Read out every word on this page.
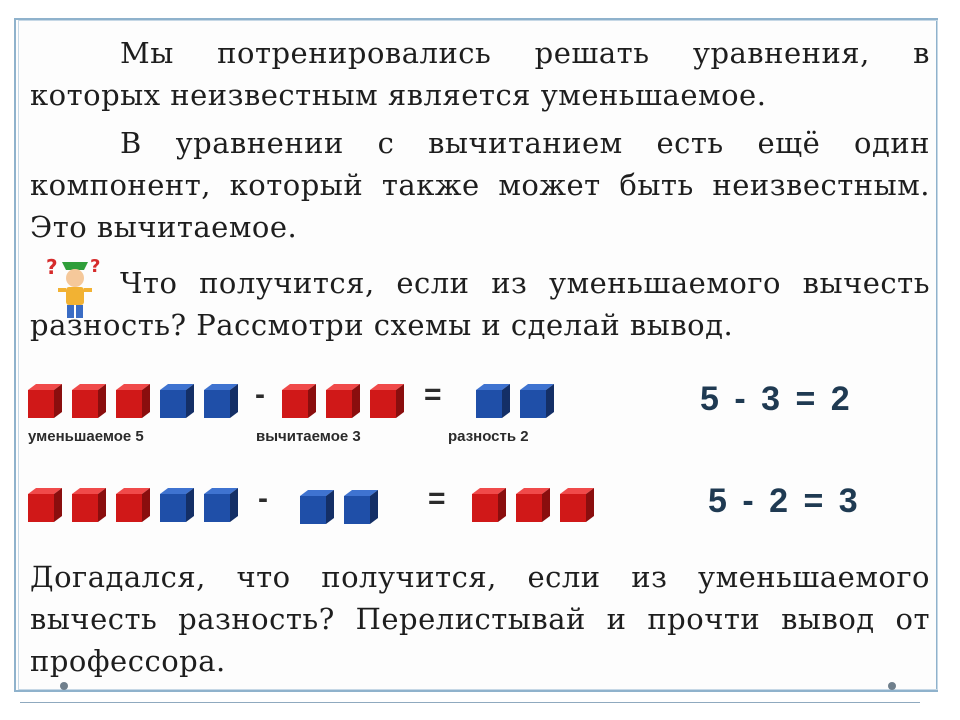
Мы потренировались решать уравнения, в которых неизвестным является уменьшаемое.
В уравнении с вычитанием есть ещё один компонент, который также может быть неизвестным. Это вычитаемое.
? ? Что получится, если из уменьшаемого вычесть разность? Рассмотри схемы и сделай вывод.
-	=	5 - 3 = 2
уменьшаемое 5	вычитаемое 3	разность 2
-	=	5 - 2 = 3
Догадался, что получится, если из уменьшаемого вычесть разность? Перелистывай и прочти вывод от профессора.
